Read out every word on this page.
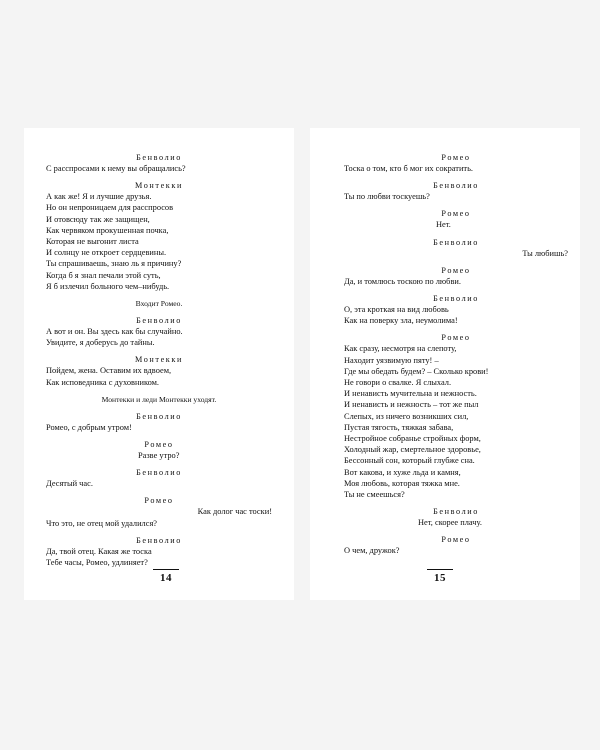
Бенволио
С расспросами к нему вы обращались?
Монтекки
А как же! Я и лучшие друзья.
Но он непроницаем для расспросов
И отовсюду так же защищен,
Как червяком прокушенная почка,
Которая не выгонит листа
И солнцу не откроет сердцевины.
Ты спрашиваешь, знаю ль я причину?
Когда б я знал печали этой суть,
Я б излечил больного чем–нибудь.
Входит Ромео.
Бенволио
А вот и он. Вы здесь как бы случайно.
Увидите, я доберусь до тайны.
Монтекки
Пойдем, жена. Оставим их вдвоем,
Как исповедника с духовником.
Монтекки и леди Монтекки уходят.
Бенволио
Ромео, с добрым утром!
Ромео
Разве утро?
Бенволио
Десятый час.
Ромео
Как долог час тоски!
Что это, не отец мой удалился?
Бенволио
Да, твой отец. Какая же тоска
Тебе часы, Ромео, удлиняет?
14
Ромео
Тоска о том, кто б мог их сократить.
Бенволио
Ты по любви тоскуешь?
Ромео
Нет.
Бенволио
Ты любишь?
Ромео
Да, и томлюсь тоскою по любви.
Бенволио
О, эта кроткая на вид любовь
Как на поверку зла, неумолима!
Ромео
Как сразу, несмотря на слепоту,
Находит уязвимую пяту! –
Где мы обедать будем? – Сколько крови!
Не говори о свалке. Я слыхал.
И ненависть мучительна и нежность.
И ненависть и нежность – тот же пыл
Слепых, из ничего возникших сил,
Пустая тягость, тяжкая забава,
Нестройное собранье стройных форм,
Холодный жар, смертельное здоровье,
Бессонный сон, который глубже сна.
Вот какова, и хуже льда и камня,
Моя любовь, которая тяжка мне.
Ты не смеешься?
Бенволио
Нет, скорее плачу.
Ромео
О чем, дружок?
15
